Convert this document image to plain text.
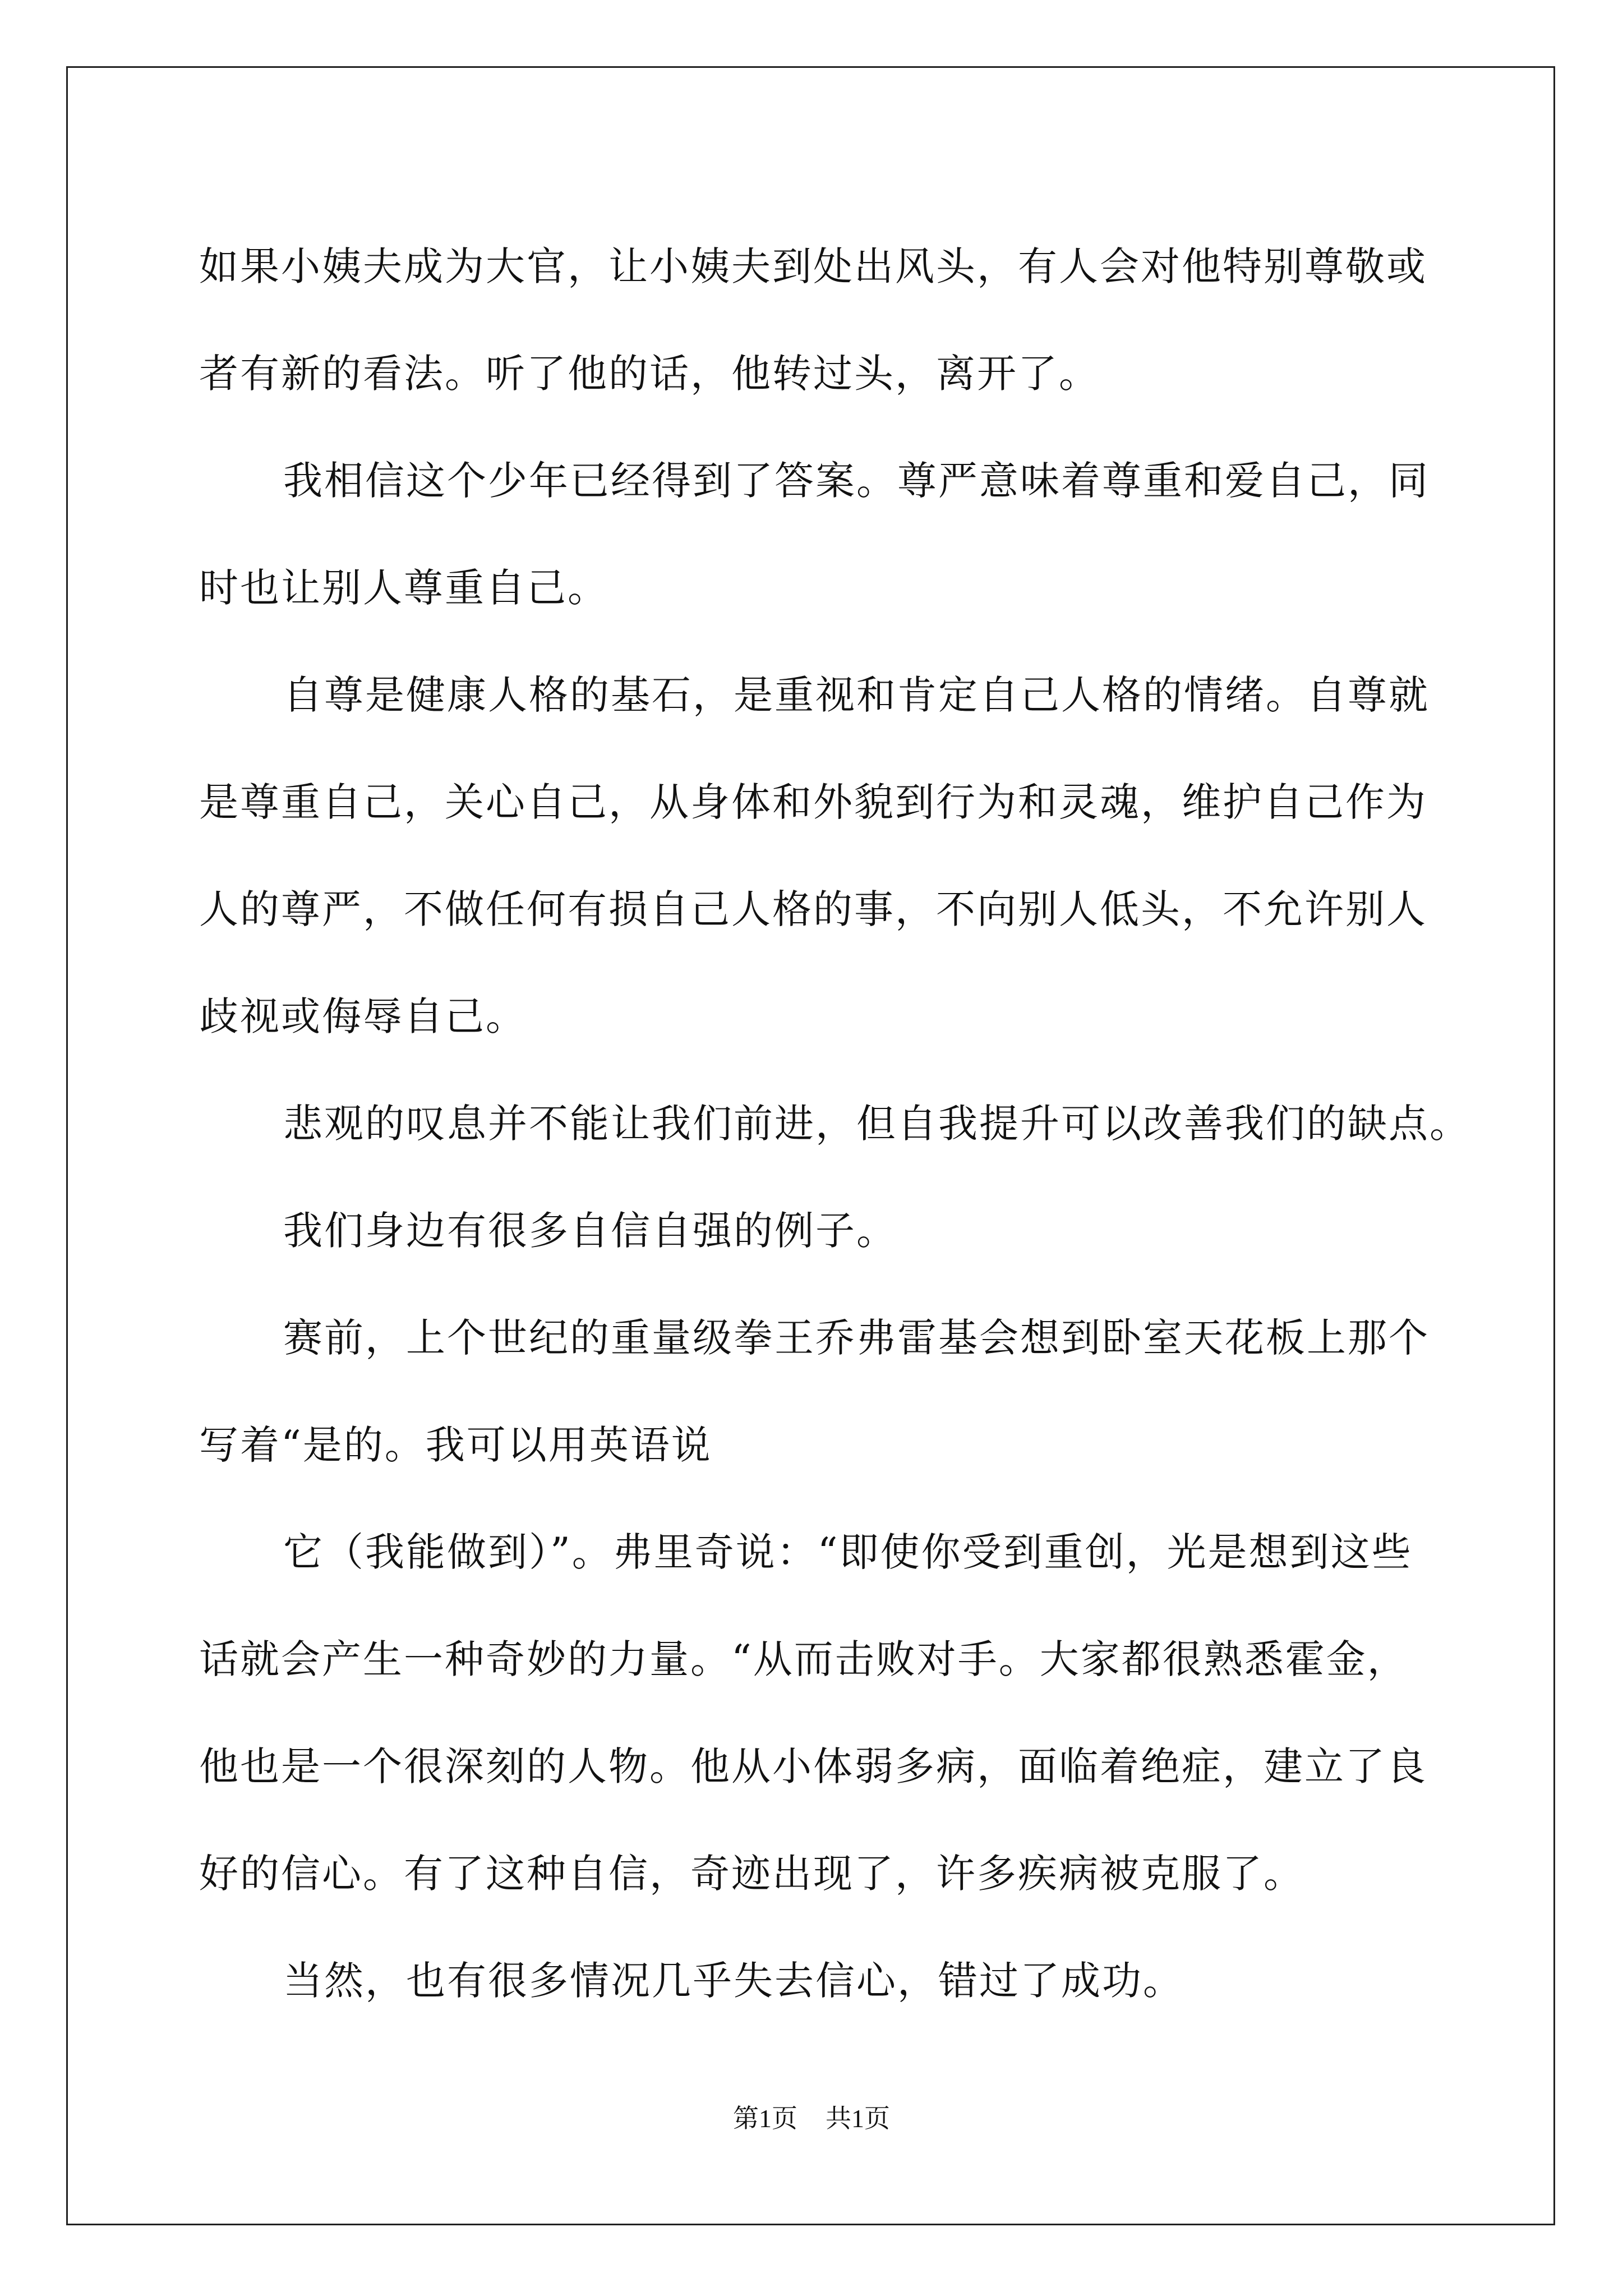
如果小姨夫成为大官，让小姨夫到处出风头，有人会对他特别尊敬或
者有新的看法。听了他的话，他转过头，离开了。
我相信这个少年已经得到了答案。尊严意味着尊重和爱自己，同
时也让别人尊重自己。
自尊是健康人格的基石，是重视和肯定自己人格的情绪。自尊就
是尊重自己，关心自己，从身体和外貌到行为和灵魂，维护自己作为
人的尊严，不做任何有损自己人格的事，不向别人低头，不允许别人
歧视或侮辱自己。
悲观的叹息并不能让我们前进，但自我提升可以改善我们的缺点。
我们身边有很多自信自强的例子。
赛前，上个世纪的重量级拳王乔弗雷基会想到卧室天花板上那个
写着“是的。我可以用英语说
它（我能做到）”。弗里奇说：“即使你受到重创，光是想到这些
话就会产生一种奇妙的力量。“从而击败对手。大家都很熟悉霍金，
他也是一个很深刻的人物。他从小体弱多病，面临着绝症，建立了良
好的信心。有了这种自信，奇迹出现了，许多疾病被克服了。
当然，也有很多情况几乎失去信心，错过了成功。
第1页 共1页
